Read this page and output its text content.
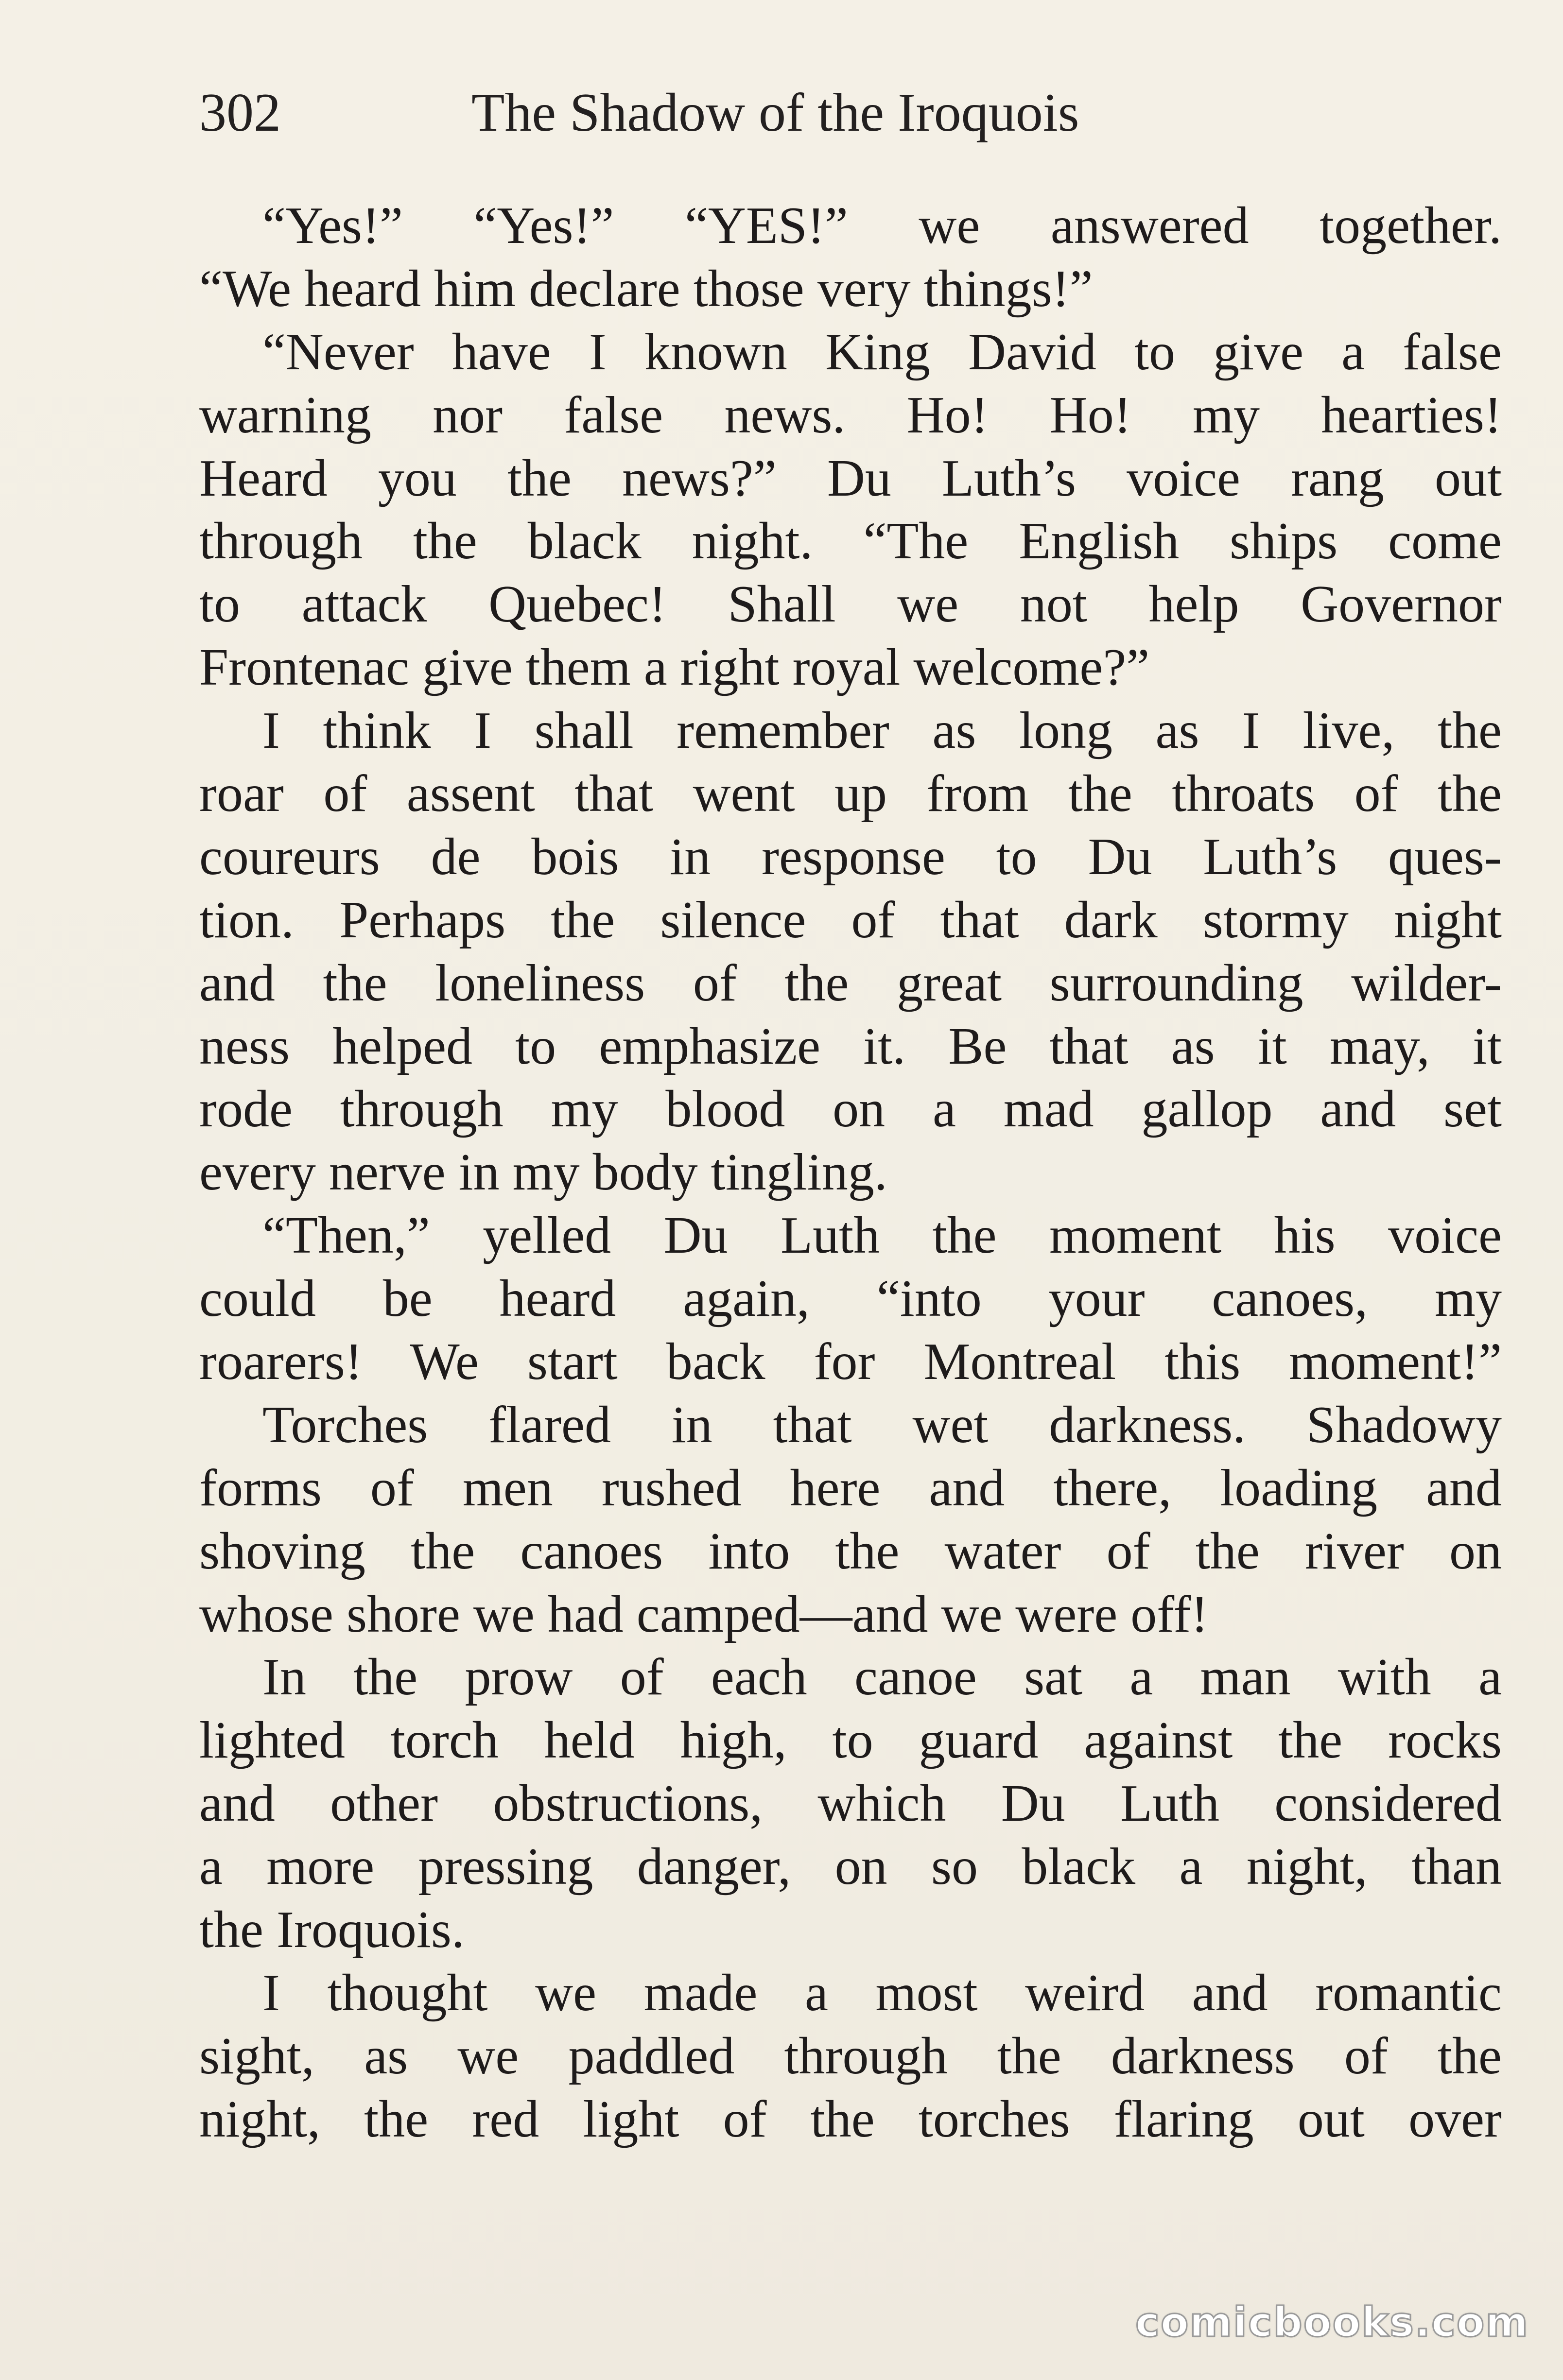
302	The Shadow of the Iroquois
“Yes!” “Yes!” “YES!” we answered together.
“We heard him declare those very things!”
“Never have I known King David to give a false
warning nor false news. Ho! Ho! my hearties!
Heard you the news?” Du Luth’s voice rang out
through the black night. “The English ships come
to attack Quebec! Shall we not help Governor
Frontenac give them a right royal welcome?”
I think I shall remember as long as I live, the
roar of assent that went up from the throats of the
coureurs de bois in response to Du Luth’s ques-
tion. Perhaps the silence of that dark stormy night
and the loneliness of the great surrounding wilder-
ness helped to emphasize it. Be that as it may, it
rode through my blood on a mad gallop and set
every nerve in my body tingling.
“Then,” yelled Du Luth the moment his voice
could be heard again, “into your canoes, my
roarers! We start back for Montreal this moment!”
Torches flared in that wet darkness. Shadowy
forms of men rushed here and there, loading and
shoving the canoes into the water of the river on
whose shore we had camped—and we were off!
In the prow of each canoe sat a man with a
lighted torch held high, to guard against the rocks
and other obstructions, which Du Luth considered
a more pressing danger, on so black a night, than
the Iroquois.
I thought we made a most weird and romantic
sight, as we paddled through the darkness of the
night, the red light of the torches flaring out over
comicbooks.com
